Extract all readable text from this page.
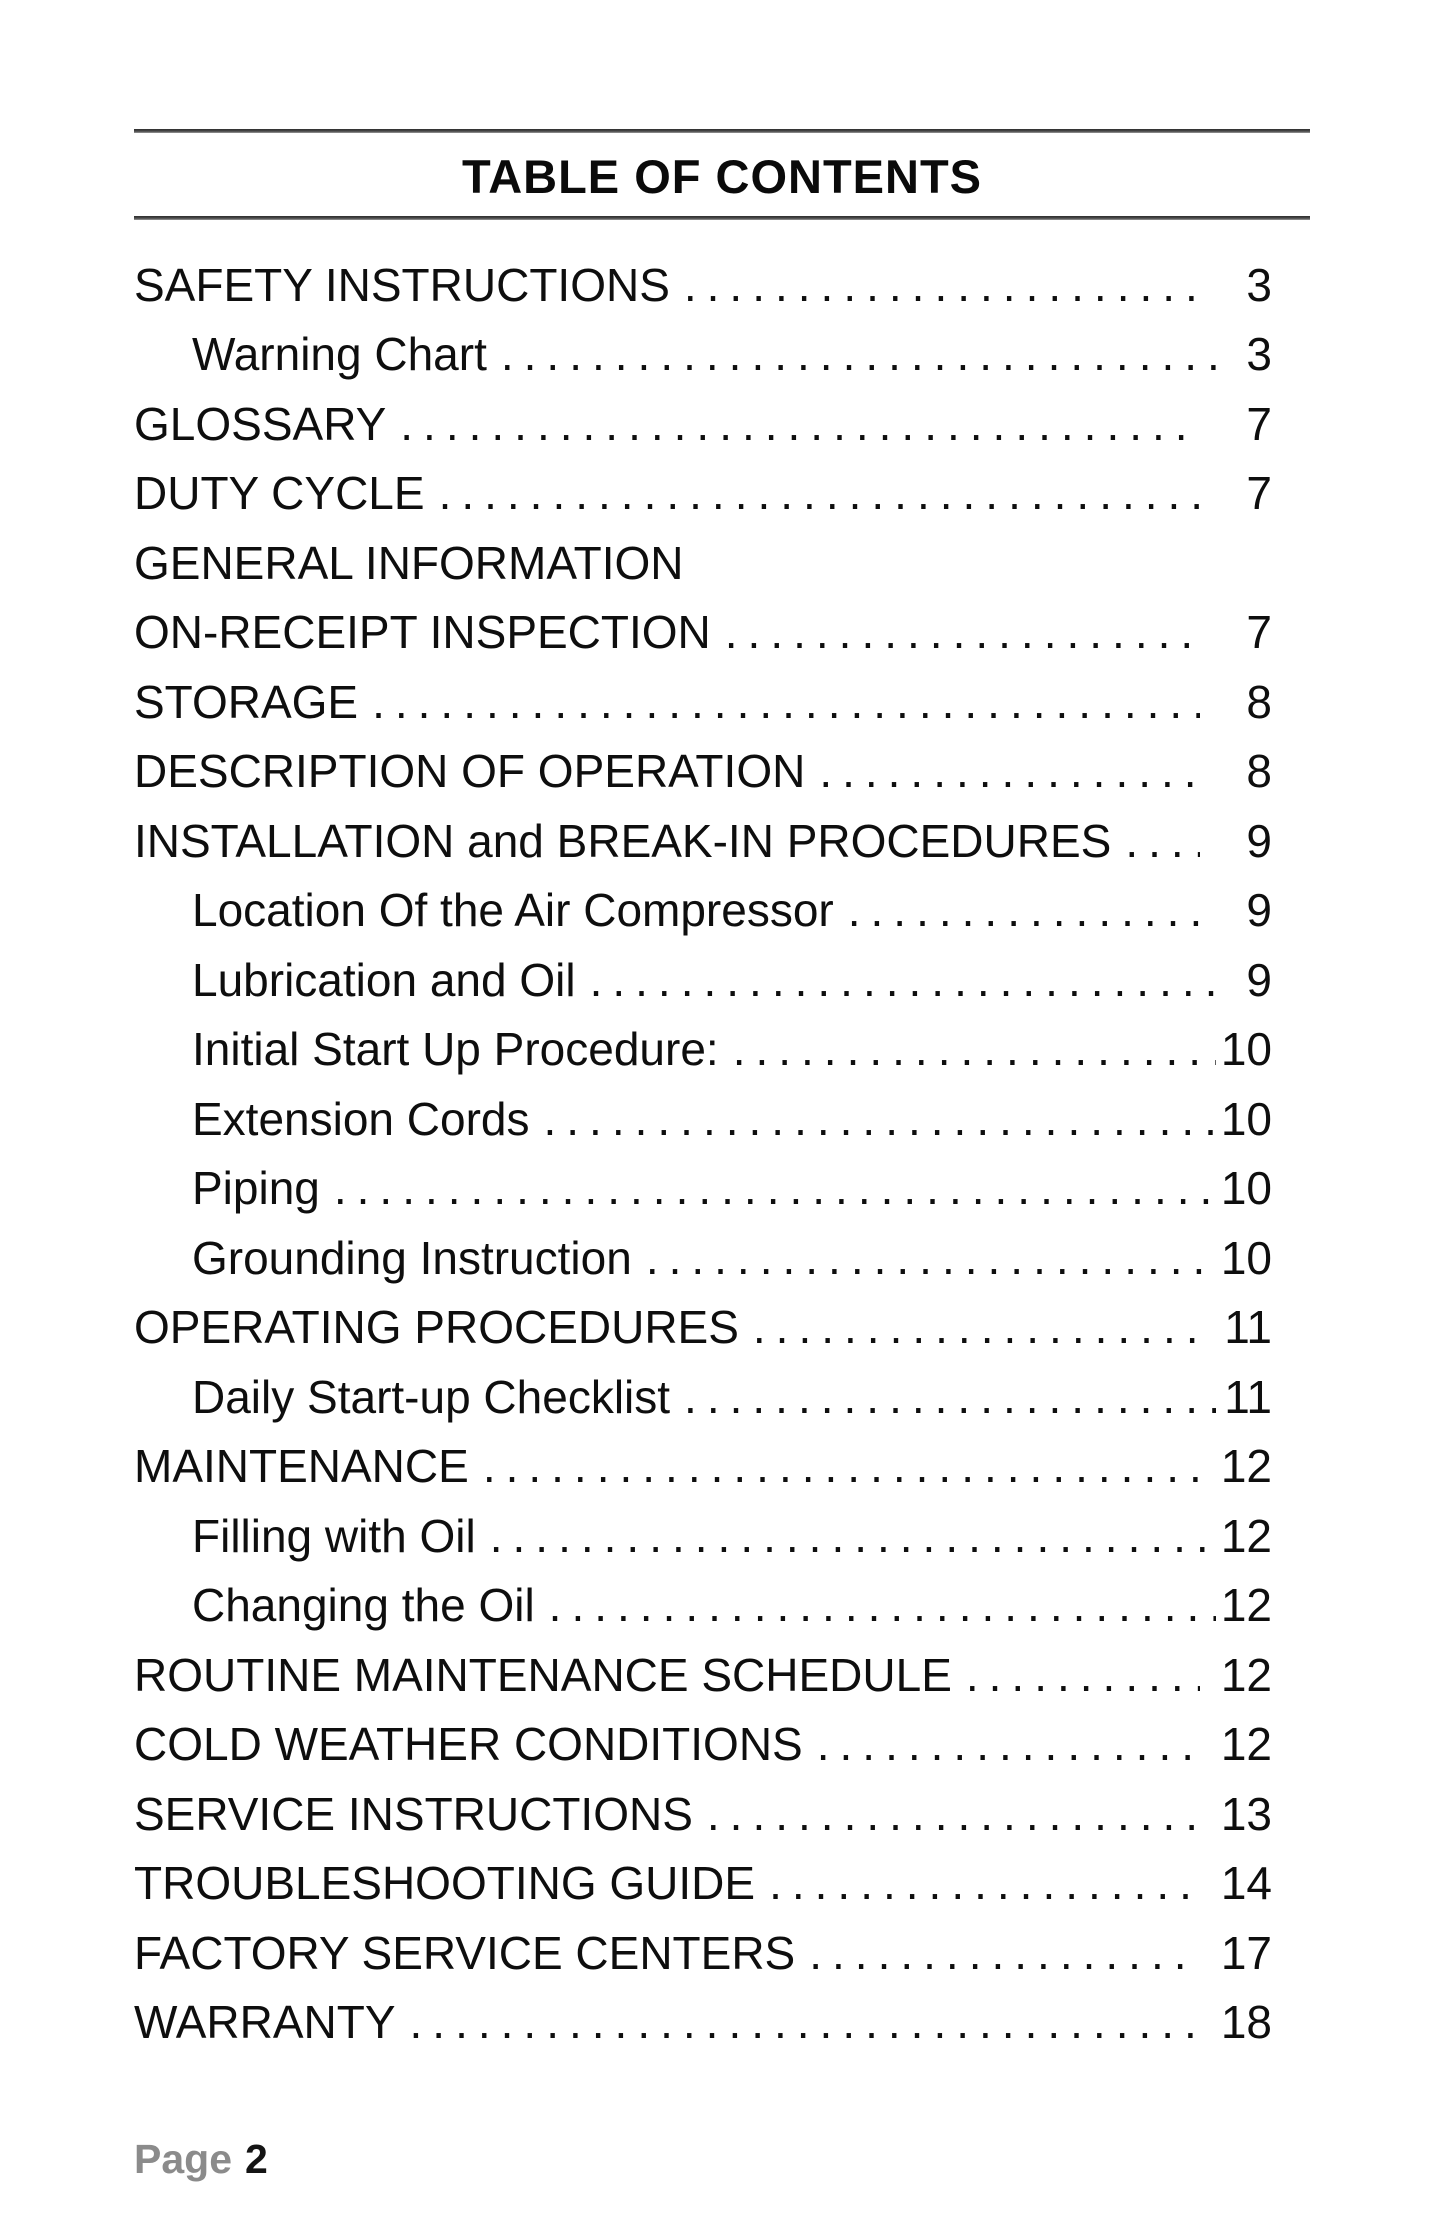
TABLE OF CONTENTS
SAFETY INSTRUCTIONS .....	3
Warning Chart .....	3
GLOSSARY .....	7
DUTY CYCLE .....	7
GENERAL INFORMATION
ON-RECEIPT INSPECTION .....	7
STORAGE .....	8
DESCRIPTION OF OPERATION .....	8
INSTALLATION and BREAK-IN PROCEDURES .....	9
Location Of the Air Compressor .....	9
Lubrication and Oil .....	9
Initial Start Up Procedure: .....	10
Extension Cords .....	10
Piping .....	10
Grounding Instruction .....	10
OPERATING PROCEDURES .....	11
Daily Start-up Checklist .....	11
MAINTENANCE .....	12
Filling with Oil .....	12
Changing the Oil .....	12
ROUTINE MAINTENANCE SCHEDULE .....	12
COLD WEATHER CONDITIONS .....	12
SERVICE INSTRUCTIONS .....	13
TROUBLESHOOTING GUIDE .....	14
FACTORY SERVICE CENTERS .....	17
WARRANTY .....	18
Page 2
